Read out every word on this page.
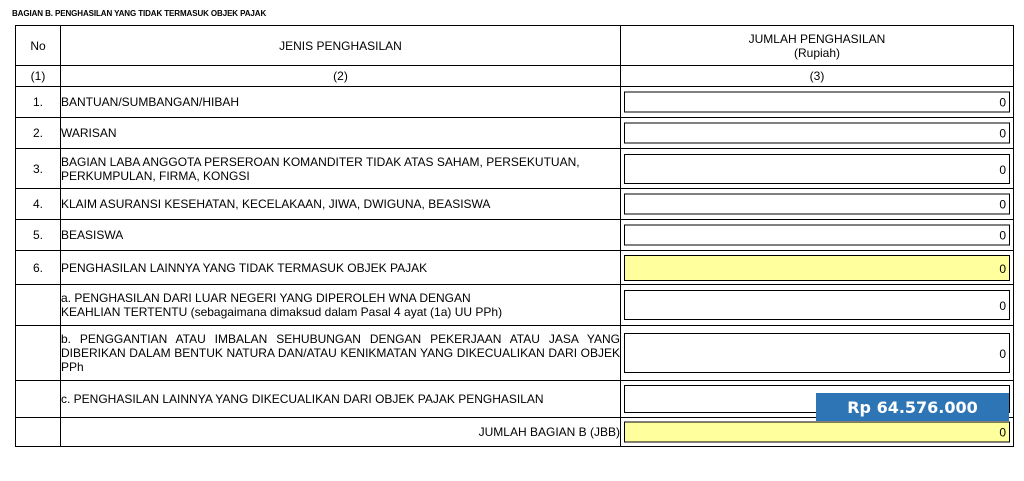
BAGIAN B. PENGHASILAN YANG TIDAK TERMASUK OBJEK PAJAK
No	JENIS PENGHASILAN	JUMLAH PENGHASILAN
(Rupiah)

(1)	(2)	(3)
1.	BANTUAN/SUMBANGAN/HIBAH	0

2.	WARISAN	0

3.	BAGIAN LABA ANGGOTA PERSEROAN KOMANDITER TIDAK ATAS SAHAM, PERSEKUTUAN, PERKUMPULAN, FIRMA, KONGSI	0

4.	KLAIM ASURANSI KESEHATAN, KECELAKAAN, JIWA, DWIGUNA, BEASISWA	0

5.	BEASISWA	0

6.	PENGHASILAN LAINNYA YANG TIDAK TERMASUK OBJEK PAJAK	0

	a. PENGHASILAN DARI LUAR NEGERI YANG DIPEROLEH WNA DENGAN
KEAHLIAN TERTENTU (sebagaimana dimaksud dalam Pasal 4 ayat (1a) UU PPh)	0

	b. PENGGANTIAN ATAU IMBALAN SEHUBUNGAN DENGAN PEKERJAAN ATAU JASA YANG DIBERIKAN DALAM BENTUK NATURA DAN/ATAU KENIKMATAN YANG DIKECUALIKAN DARI OBJEK PPh	0

	c. PENGHASILAN LAINNYA YANG DIKECUALIKAN DARI OBJEK PAJAK PENGHASILAN	

	JUMLAH BAGIAN B (JBB)	0
Rp 64.576.000
